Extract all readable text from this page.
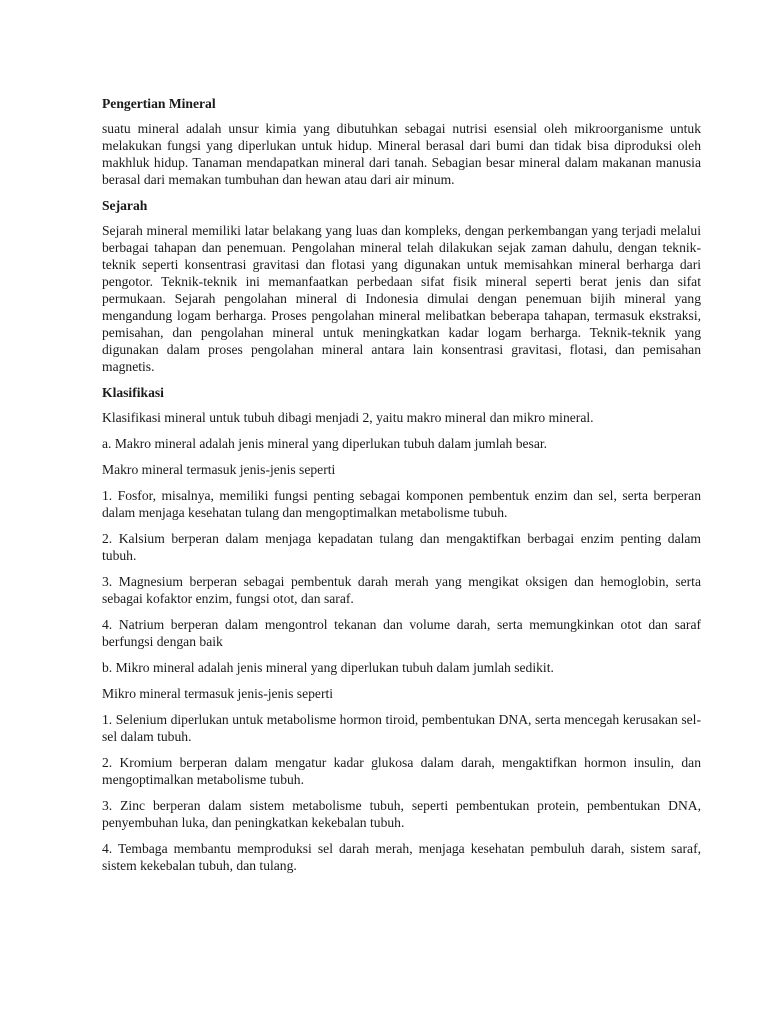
Pengertian Mineral

suatu mineral adalah unsur kimia yang dibutuhkan sebagai nutrisi esensial oleh mikroorganisme untuk melakukan fungsi yang diperlukan untuk hidup. Mineral berasal dari bumi dan tidak bisa diproduksi oleh makhluk hidup. Tanaman mendapatkan mineral dari tanah. Sebagian besar mineral dalam makanan manusia berasal dari memakan tumbuhan dan hewan atau dari air minum.

Sejarah

Sejarah mineral memiliki latar belakang yang luas dan kompleks, dengan perkembangan yang terjadi melalui berbagai tahapan dan penemuan. Pengolahan mineral telah dilakukan sejak zaman dahulu, dengan teknik-teknik seperti konsentrasi gravitasi dan flotasi yang digunakan untuk memisahkan mineral berharga dari pengotor. Teknik-teknik ini memanfaatkan perbedaan sifat fisik mineral seperti berat jenis dan sifat permukaan. Sejarah pengolahan mineral di Indonesia dimulai dengan penemuan bijih mineral yang mengandung logam berharga. Proses pengolahan mineral melibatkan beberapa tahapan, termasuk ekstraksi, pemisahan, dan pengolahan mineral untuk meningkatkan kadar logam berharga. Teknik-teknik yang digunakan dalam proses pengolahan mineral antara lain konsentrasi gravitasi, flotasi, dan pemisahan magnetis.

Klasifikasi

Klasifikasi mineral untuk tubuh dibagi menjadi 2, yaitu makro mineral dan mikro mineral.

a. Makro mineral adalah jenis mineral yang diperlukan tubuh dalam jumlah besar.

Makro mineral termasuk jenis-jenis seperti

1. Fosfor, misalnya, memiliki fungsi penting sebagai komponen pembentuk enzim dan sel, serta berperan dalam menjaga kesehatan tulang dan mengoptimalkan metabolisme tubuh.

2. Kalsium berperan dalam menjaga kepadatan tulang dan mengaktifkan berbagai enzim penting dalam tubuh.

3. Magnesium berperan sebagai pembentuk darah merah yang mengikat oksigen dan hemoglobin, serta sebagai kofaktor enzim, fungsi otot, dan saraf.

4. Natrium berperan dalam mengontrol tekanan dan volume darah, serta memungkinkan otot dan saraf berfungsi dengan baik

b. Mikro mineral adalah jenis mineral yang diperlukan tubuh dalam jumlah sedikit.

Mikro mineral termasuk jenis-jenis seperti

1. Selenium diperlukan untuk metabolisme hormon tiroid, pembentukan DNA, serta mencegah kerusakan sel-sel dalam tubuh.

2. Kromium berperan dalam mengatur kadar glukosa dalam darah, mengaktifkan hormon insulin, dan mengoptimalkan metabolisme tubuh.

3. Zinc berperan dalam sistem metabolisme tubuh, seperti pembentukan protein, pembentukan DNA, penyembuhan luka, dan peningkatkan kekebalan tubuh.

4. Tembaga membantu memproduksi sel darah merah, menjaga kesehatan pembuluh darah, sistem saraf, sistem kekebalan tubuh, dan tulang.
